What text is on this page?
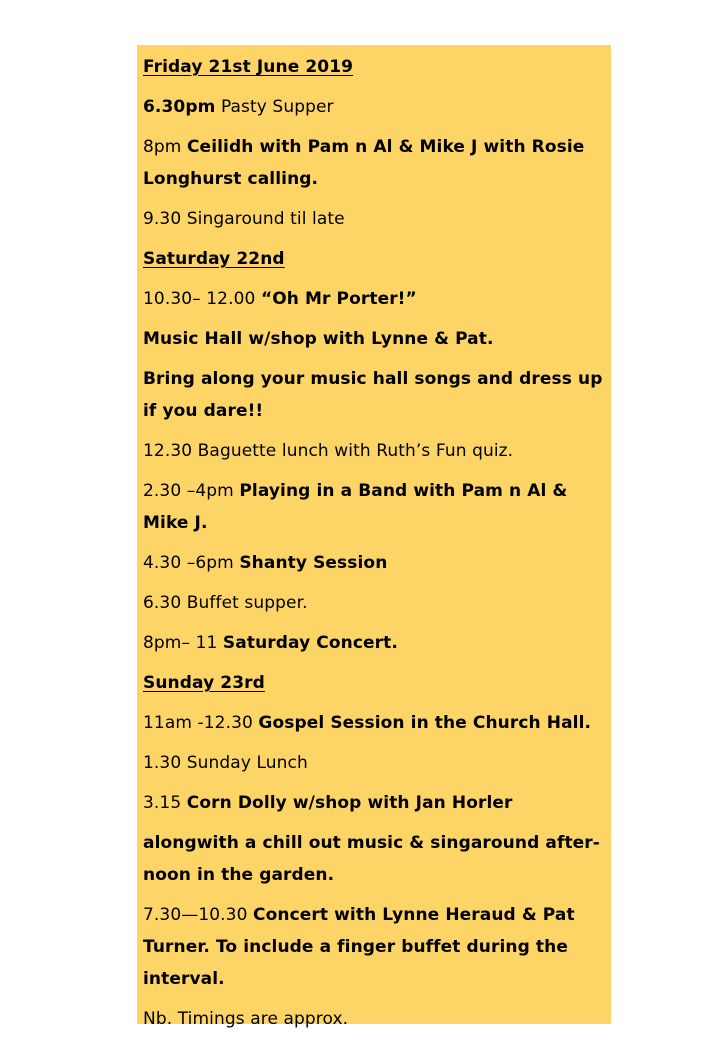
Friday 21st June 2019
6.30pm Pasty Supper
8pm Ceilidh with Pam n Al & Mike J with Rosie Longhurst calling.
9.30 Singaround til late
Saturday 22nd
10.30– 12.00 “Oh Mr Porter!”
Music Hall w/shop with Lynne & Pat.
Bring along your music hall songs and dress up if you dare!!
12.30 Baguette lunch with Ruth’s Fun quiz.
2.30 –4pm Playing in a Band with Pam n Al & Mike J.
4.30 –6pm Shanty Session
6.30 Buffet supper.
8pm– 11 Saturday Concert.
Sunday 23rd
11am -12.30 Gospel Session in the Church Hall.
1.30 Sunday Lunch
3.15 Corn Dolly w/shop with Jan Horler
alongwith a chill out music & singaround after-noon in the garden.
7.30—10.30 Concert with Lynne Heraud & Pat Turner. To include a finger buffet during the interval.
Nb. Timings are approx.
